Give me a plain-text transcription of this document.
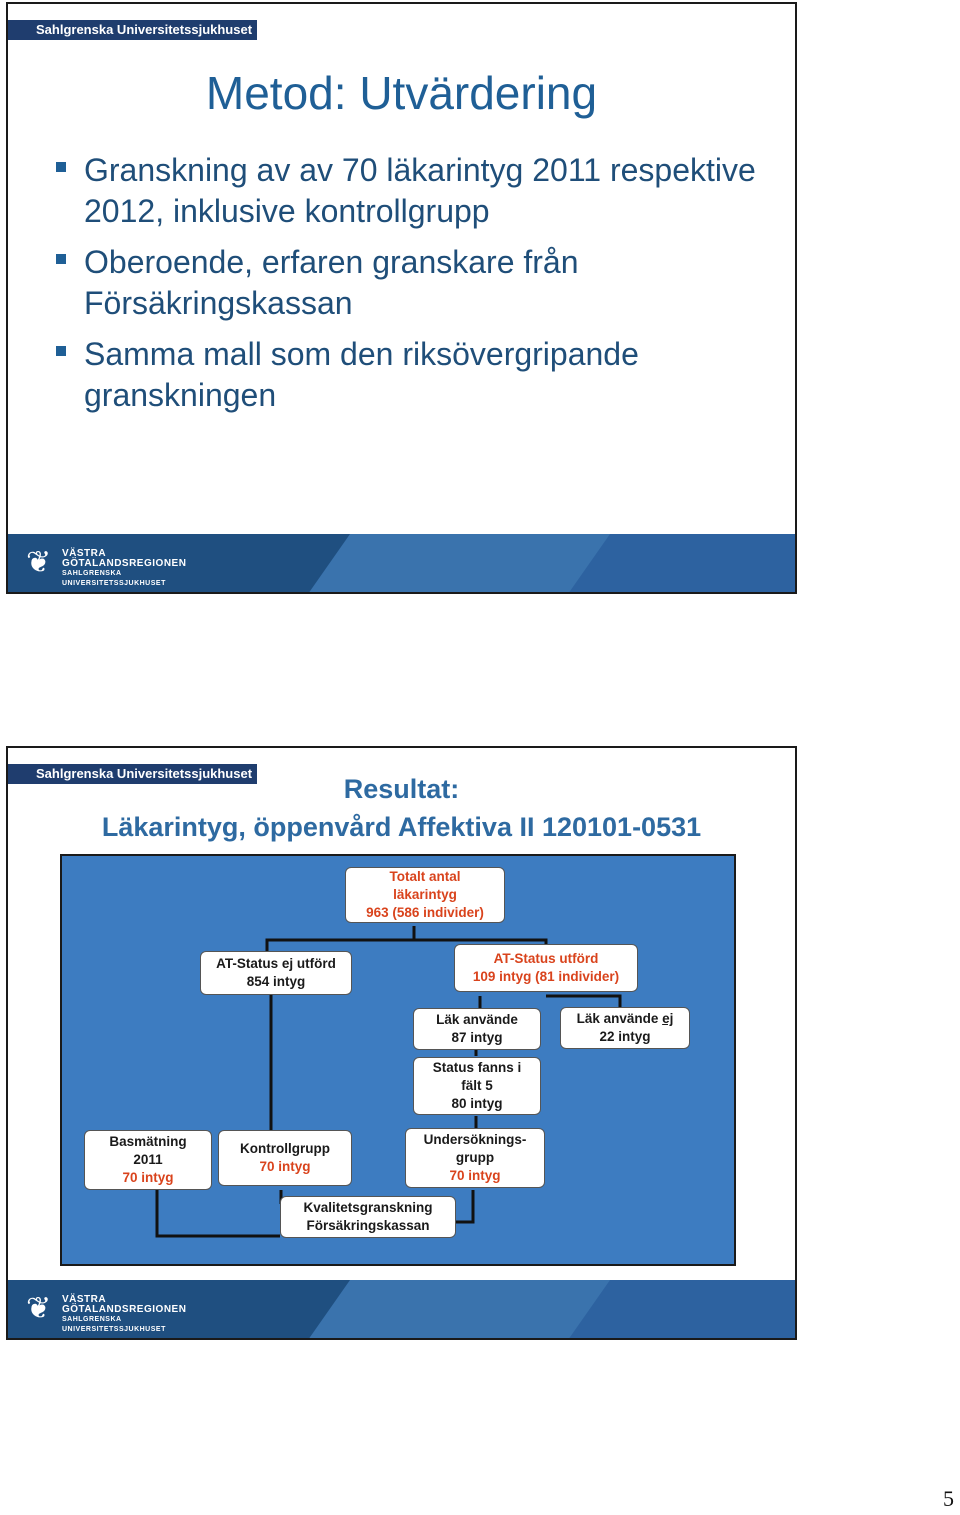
Sahlgrenska Universitetssjukhuset
Metod: Utvärdering
Granskning av av 70 läkarintyg 2011 respektive 2012, inklusive kontrollgrupp
Oberoende, erfaren granskare från Försäkringskassan
Samma mall som den riksövergripande granskningen
❦ VÄSTRA
GÖTALANDSREGIONEN
SAHLGRENSKA UNIVERSITETSSJUKHUSET
Sahlgrenska Universitetssjukhuset
Resultat:
Läkarintyg, öppenvård Affektiva II 120101-0531
Totalt antal
läkarintyg
963 (586 individer)
AT-Status ej utförd
854 intyg
AT-Status utförd
109 intyg (81 individer)
Läk använde
87 intyg
Läk använde ej
22 intyg
Status fanns i
fält 5
80 intyg
Basmätning
2011
70 intyg
Kontrollgrupp
70 intyg
Undersöknings-
grupp
70 intyg
Kvalitetsgranskning
Försäkringskassan
❦ VÄSTRA
GÖTALANDSREGIONEN
SAHLGRENSKA UNIVERSITETSSJUKHUSET
5
